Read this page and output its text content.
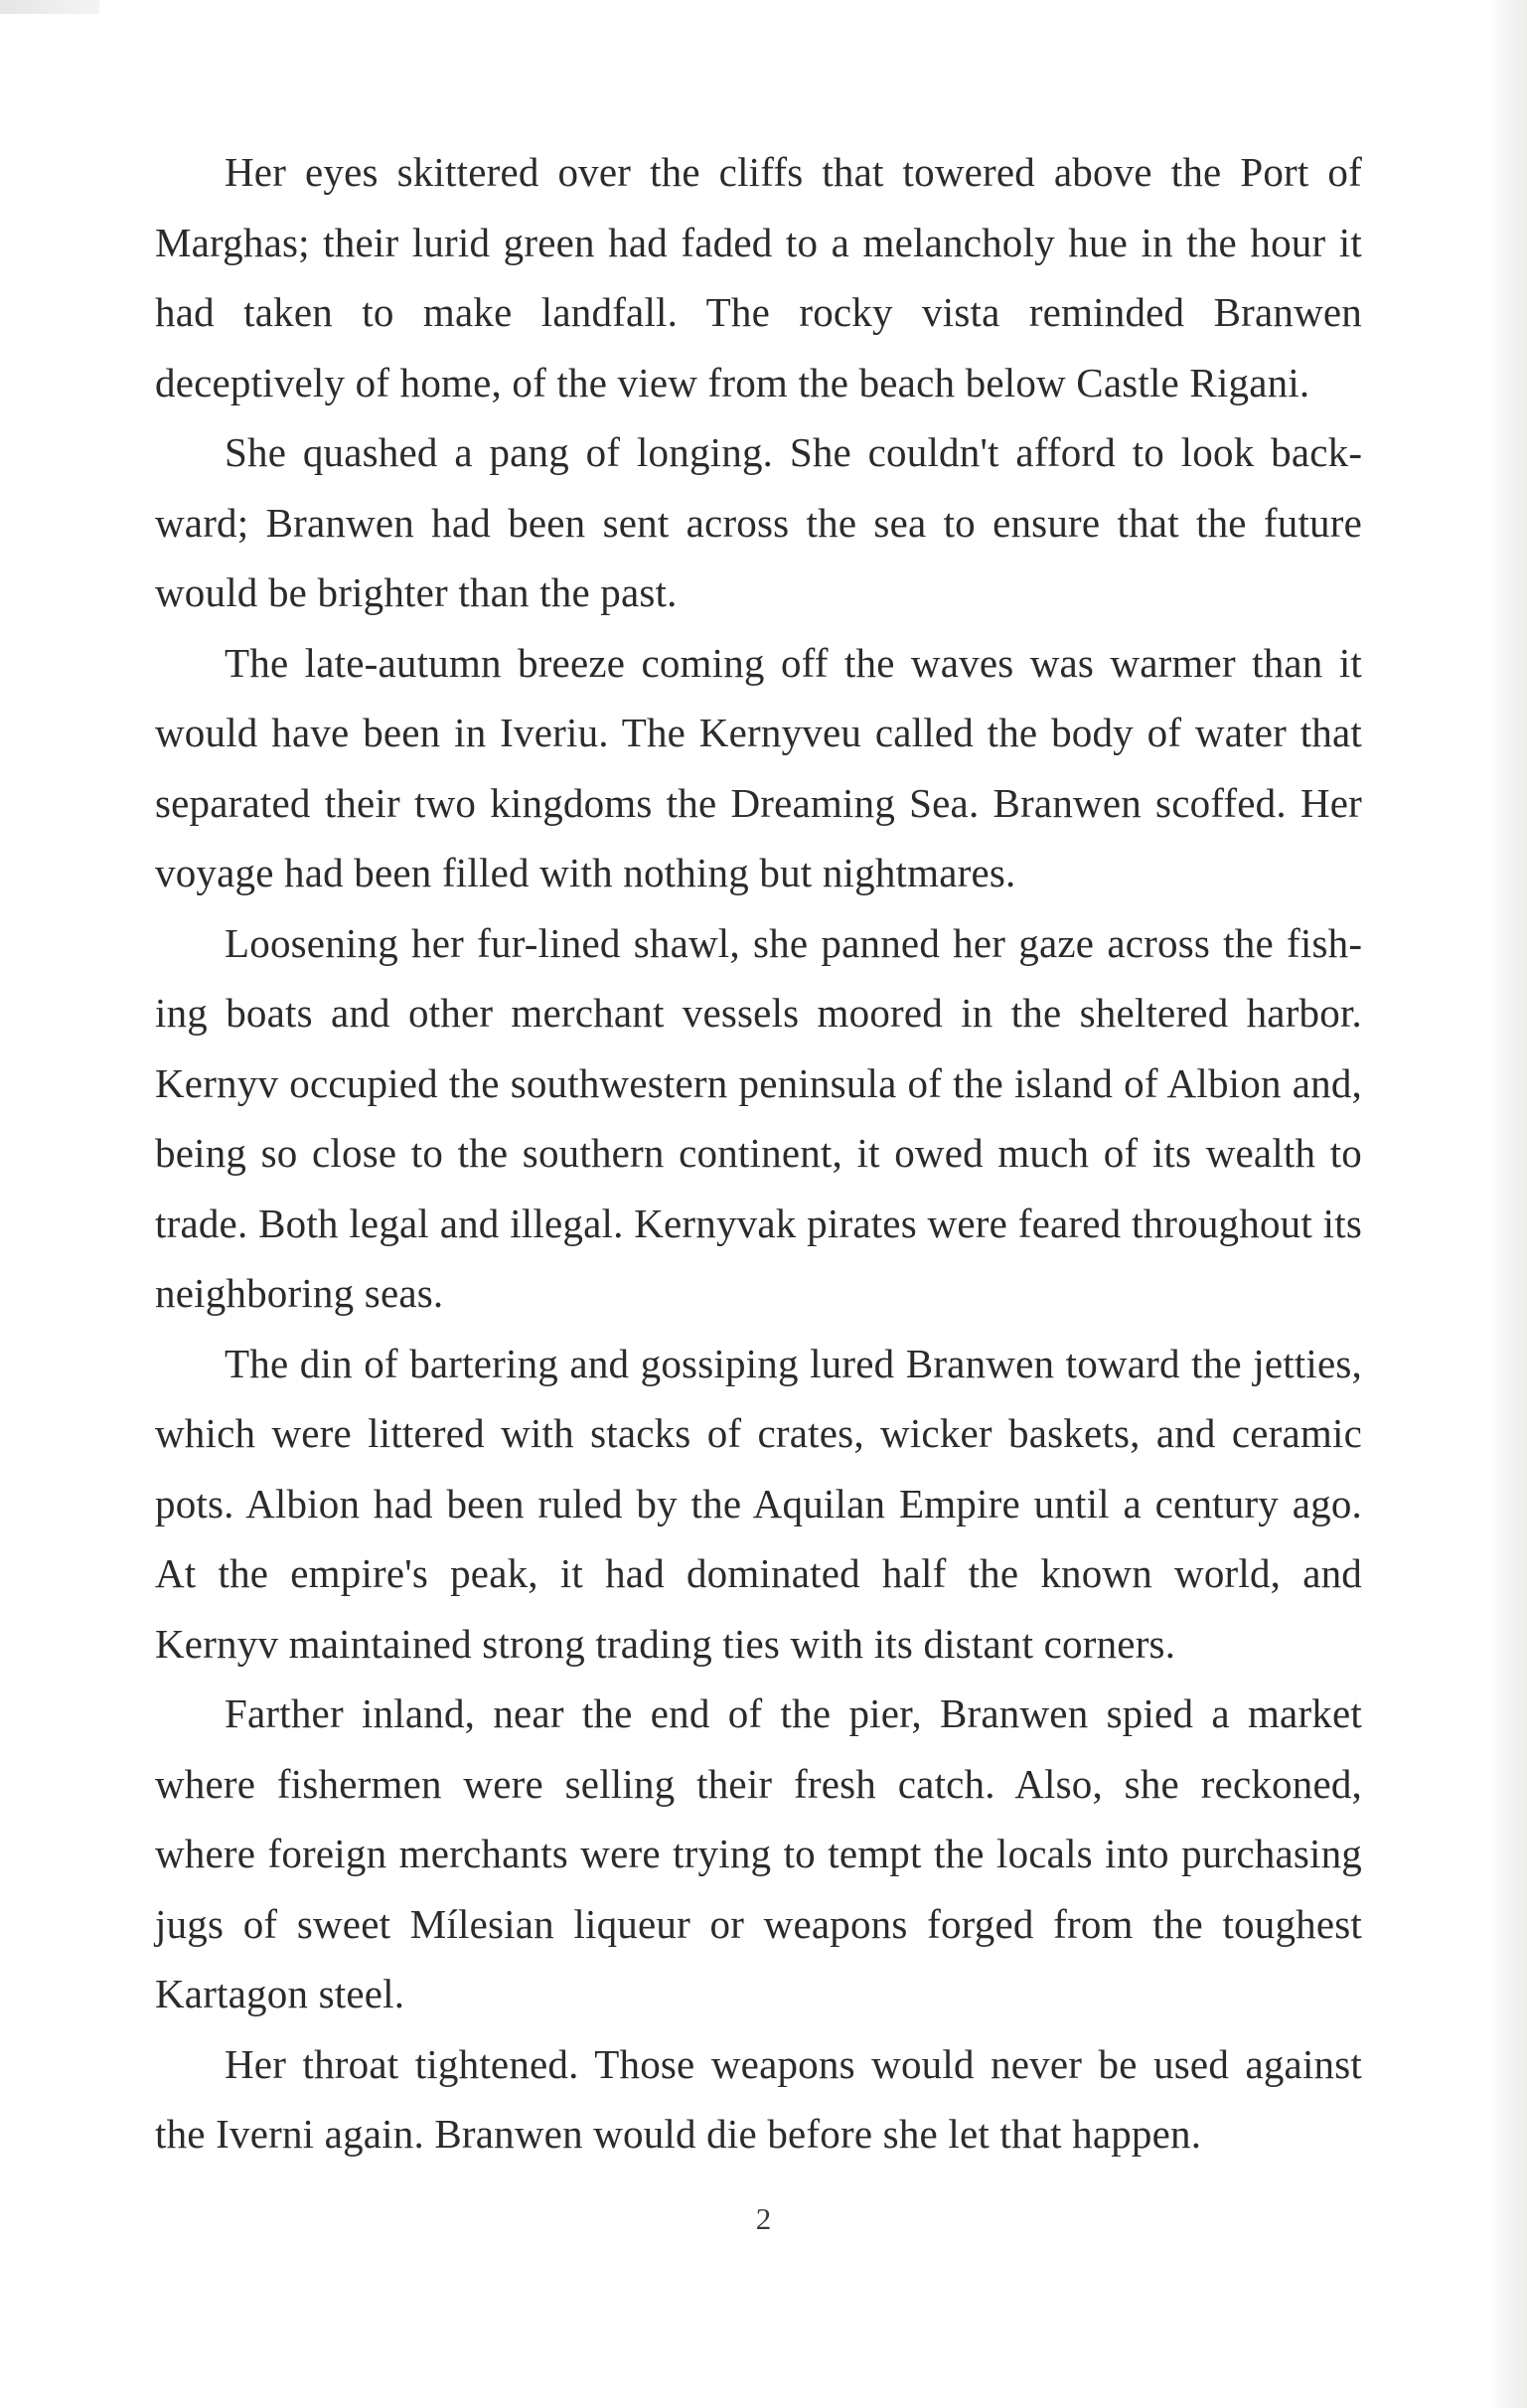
Her eyes skittered over the cliffs that towered above the Port of Marghas; their lurid green had faded to a melancholy hue in the hour it had taken to make landfall. The rocky vista reminded Branwen deceptively of home, of the view from the beach below Castle Rigani.

She quashed a pang of longing. She couldn't afford to look backward; Branwen had been sent across the sea to ensure that the future would be brighter than the past.

The late-autumn breeze coming off the waves was warmer than it would have been in Iveriu. The Kernyveu called the body of water that separated their two kingdoms the Dreaming Sea. Branwen scoffed. Her voyage had been filled with nothing but nightmares.

Loosening her fur-lined shawl, she panned her gaze across the fishing boats and other merchant vessels moored in the sheltered harbor. Kernyv occupied the southwestern peninsula of the island of Albion and, being so close to the southern continent, it owed much of its wealth to trade. Both legal and illegal. Kernyvak pirates were feared throughout its neighboring seas.

The din of bartering and gossiping lured Branwen toward the jetties, which were littered with stacks of crates, wicker baskets, and ceramic pots. Albion had been ruled by the Aquilan Empire until a century ago. At the empire's peak, it had dominated half the known world, and Kernyv maintained strong trading ties with its distant corners.

Farther inland, near the end of the pier, Branwen spied a market where fishermen were selling their fresh catch. Also, she reckoned, where foreign merchants were trying to tempt the locals into purchasing jugs of sweet Mílesian liqueur or weapons forged from the toughest Kartagon steel.

Her throat tightened. Those weapons would never be used against the Iverni again. Branwen would die before she let that happen.

2
